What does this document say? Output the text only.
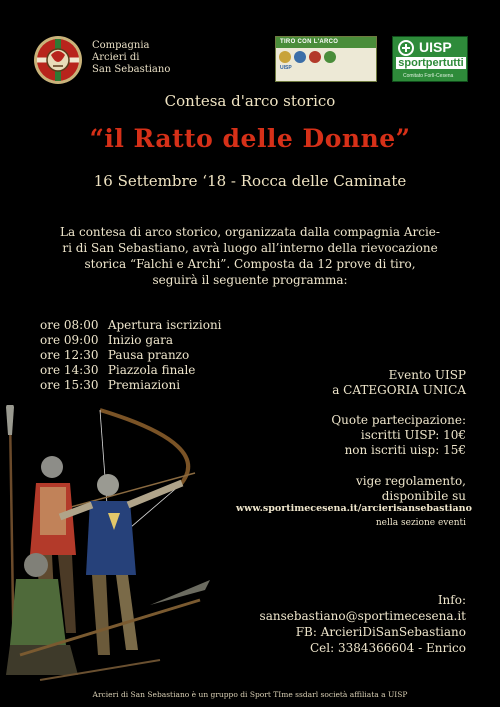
Compagnia
Arcieri di
San Sebastiano
TIRO CON L'ARCO
UISP
UISP
sportpertutti
Comitato Forlì-Cesena
Contesa d'arco storico
“il Ratto delle Donne”
16 Settembre ‘18 - Rocca delle Caminate
La contesa di arco storico, organizzata dalla compagnia Arcie-
ri di San Sebastiano, avrà luogo all’interno della rievocazione
storica “Falchi e Archi”. Composta da 12 prove di tiro,
seguirà il seguente programma:
ore 08:00 Apertura iscrizioni
ore 09:00 Inizio gara
ore 12:30 Pausa pranzo
ore 14:30 Piazzola finale
ore 15:30 Premiazioni
Evento UISP
a CATEGORIA UNICA
Quote partecipazione:
iscritti UISP: 10€
non iscriti uisp: 15€
vige regolamento,
disponibile su
www.sportimecesena.it/arcierisansebastiano
nella sezione eventi
Info:
sansebastiano@sportimecesena.it
FB: ArcieriDiSanSebastiano
Cel: 3384366604 - Enrico
Arcieri di San Sebastiano è un gruppo di Sport TIme ssdarl società affiliata a UISP
